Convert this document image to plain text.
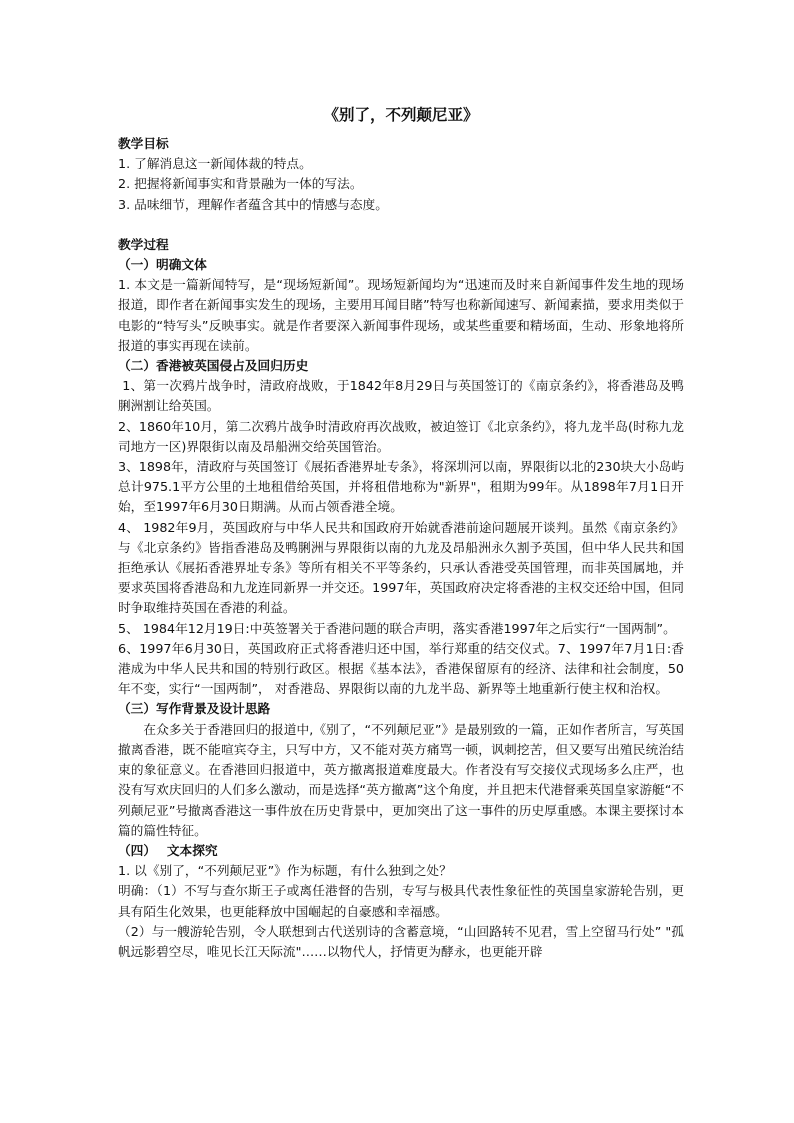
《别了，不列颠尼亚》
教学目标
1. 了解消息这一新闻体裁的特点。
2. 把握将新闻事实和背景融为一体的写法。
3. 品味细节，理解作者蕴含其中的情感与态度。
教学过程
（一）明确文体
1. 本文是一篇新闻特写，是“现场短新闻”。现场短新闻均为“迅速而及时来自新闻事件发生地的现场报道，即作者在新闻事实发生的现场，主要用耳闻目睹”特写也称新闻速写、新闻素描，要求用类似于电影的“特写头”反映事实。就是作者要深入新闻事件现场，或某些重要和精场面，生动、形象地将所报道的事实再现在读前。
（二）香港被英国侵占及回归历史
1、第一次鸦片战争时，清政府战败，于1842年8月29日与英国签订的《南京条约》，将香港岛及鸭脷洲割让给英国。
2、1860年10月，第二次鸦片战争时清政府再次战败，被迫签订《北京条约》，将九龙半岛(时称九龙司地方一区)界限街以南及昂船洲交给英国管治。
3、1898年，清政府与英国签订《展拓香港界址专条》，将深圳河以南，界限街以北的230块大小岛屿总计975.1平方公里的土地租借给英国，并将租借地称为"新界"，租期为99年。从1898年7月1日开始，至1997年6月30日期满。从而占领香港全境。
4、 1982年9月，英国政府与中华人民共和国政府开始就香港前途问题展开谈判。虽然《南京条约》与《北京条约》皆指香港岛及鸭脷洲与界限街以南的九龙及昂船洲永久割予英国，但中华人民共和国拒绝承认《展拓香港界址专条》等所有相关不平等条约，只承认香港受英国管理，而非英国属地，并要求英国将香港岛和九龙连同新界一并交还。1997年，英国政府决定将香港的主权交还给中国，但同时争取维持英国在香港的利益。
5、 1984年12月19日:中英签署关于香港问题的联合声明，落实香港1997年之后实行“一国两制”。
6、1997年6月30日，英国政府正式将香港归还中国，举行郑重的结交仪式。7、1997年7月1日:香港成为中华人民共和国的特别行政区。根据《基本法》，香港保留原有的经济、法律和社会制度，50年不变，实行“一国两制”， 对香港岛、界限街以南的九龙半岛、新界等土地重新行使主权和治权。
（三）写作背景及设计思路
在众多关于香港回归的报道中,《别了，“不列颠尼亚”》是最别致的一篇，正如作者所言，写英国撤离香港，既不能喧宾夺主，只写中方，又不能对英方痛骂一顿，讽刺挖苦，但又要写出殖民统治结束的象征意义。在香港回归报道中，英方撤离报道难度最大。作者没有写交接仪式现场多么庄严，也没有写欢庆回归的人们多么激动，而是选择“英方撤离”这个角度，并且把末代港督乘英国皇家游艇“不列颠尼亚”号撤离香港这一事件放在历史背景中，更加突出了这一事件的历史厚重感。本课主要探讨本篇的篇性特征。
（四）　 文本探究
1. 以《别了，“不列颠尼亚”》作为标题，有什么独到之处？
明确：（1）不写与查尔斯王子或离任港督的告别，专写与极具代表性象征性的英国皇家游轮告别，更具有陌生化效果，也更能释放中国崛起的自豪感和幸福感。
（2）与一艘游轮告别，令人联想到古代送别诗的含蓄意境，“山回路转不见君，雪上空留马行处” "孤帆远影碧空尽，唯见长江天际流"……以物代人，抒情更为酵永，也更能开辟
